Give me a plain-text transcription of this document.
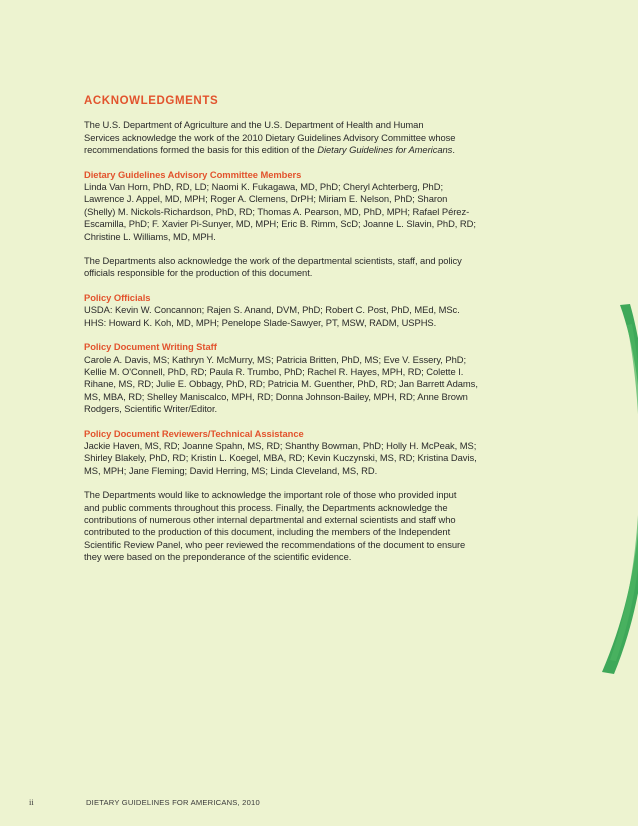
ACKNOWLEDGMENTS
The U.S. Department of Agriculture and the U.S. Department of Health and Human
Services acknowledge the work of the 2010 Dietary Guidelines Advisory Committee whose
recommendations formed the basis for this edition of the Dietary Guidelines for Americans.
Dietary Guidelines Advisory Committee Members
Linda Van Horn, PhD, RD, LD; Naomi K. Fukagawa, MD, PhD; Cheryl Achterberg, PhD;
Lawrence J. Appel, MD, MPH; Roger A. Clemens, DrPH; Miriam E. Nelson, PhD; Sharon
(Shelly) M. Nickols-Richardson, PhD, RD; Thomas A. Pearson, MD, PhD, MPH; Rafael Pérez-
Escamilla, PhD; F. Xavier Pi-Sunyer, MD, MPH; Eric B. Rimm, ScD; Joanne L. Slavin, PhD, RD;
Christine L. Williams, MD, MPH.
The Departments also acknowledge the work of the departmental scientists, staff, and policy
officials responsible for the production of this document.
Policy Officials
USDA: Kevin W. Concannon; Rajen S. Anand, DVM, PhD; Robert C. Post, PhD, MEd, MSc.
HHS: Howard K. Koh, MD, MPH; Penelope Slade-Sawyer, PT, MSW, RADM, USPHS.
Policy Document Writing Staff
Carole A. Davis, MS; Kathryn Y. McMurry, MS; Patricia Britten, PhD, MS; Eve V. Essery, PhD;
Kellie M. O'Connell, PhD, RD; Paula R. Trumbo, PhD; Rachel R. Hayes, MPH, RD; Colette I.
Rihane, MS, RD; Julie E. Obbagy, PhD, RD; Patricia M. Guenther, PhD, RD; Jan Barrett Adams,
MS, MBA, RD; Shelley Maniscalco, MPH, RD; Donna Johnson-Bailey, MPH, RD; Anne Brown
Rodgers, Scientific Writer/Editor.
Policy Document Reviewers/Technical Assistance
Jackie Haven, MS, RD; Joanne Spahn, MS, RD; Shanthy Bowman, PhD; Holly H. McPeak, MS;
Shirley Blakely, PhD, RD; Kristin L. Koegel, MBA, RD; Kevin Kuczynski, MS, RD; Kristina Davis,
MS, MPH; Jane Fleming; David Herring, MS; Linda Cleveland, MS, RD.
The Departments would like to acknowledge the important role of those who provided input
and public comments throughout this process. Finally, the Departments acknowledge the
contributions of numerous other internal departmental and external scientists and staff who
contributed to the production of this document, including the members of the Independent
Scientific Review Panel, who peer reviewed the recommendations of the document to ensure
they were based on the preponderance of the scientific evidence.
ii	DIETARY GUIDELINES FOR AMERICANS, 2010
